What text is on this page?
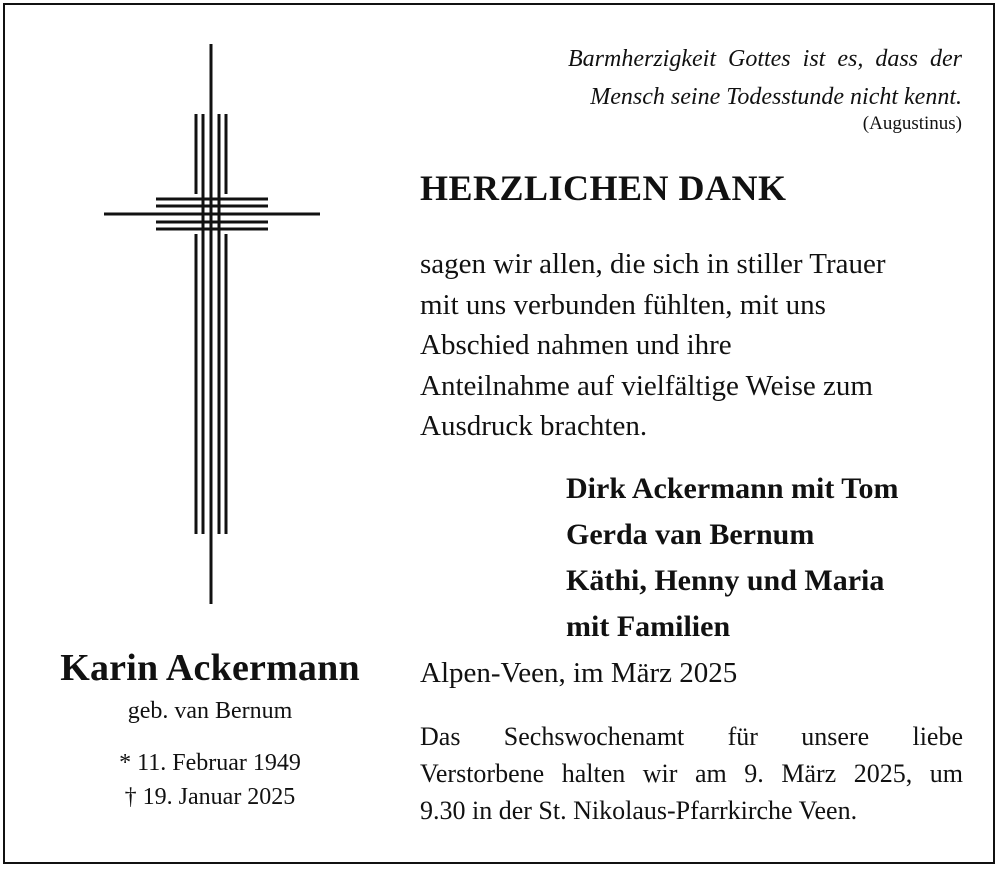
Karin Ackermann
geb. van Bernum
* 11. Februar 1949
† 19. Januar 2025
Barmherzigkeit Gottes ist es, dass der
Mensch seine Todesstunde nicht kennt.
(Augustinus)
HERZLICHEN DANK
sagen wir allen, die sich in stiller Trauer
mit uns verbunden fühlten, mit uns
Abschied nahmen und ihre
Anteilnahme auf vielfältige Weise zum
Ausdruck brachten.
Dirk Ackermann mit Tom
Gerda van Bernum
Käthi, Henny und Maria
mit Familien
Alpen-Veen, im März 2025
Das Sechswochenamt für unsere liebe
Verstorbene halten wir am 9. März 2025, um
9.30 in der St. Nikolaus-Pfarrkirche Veen.
